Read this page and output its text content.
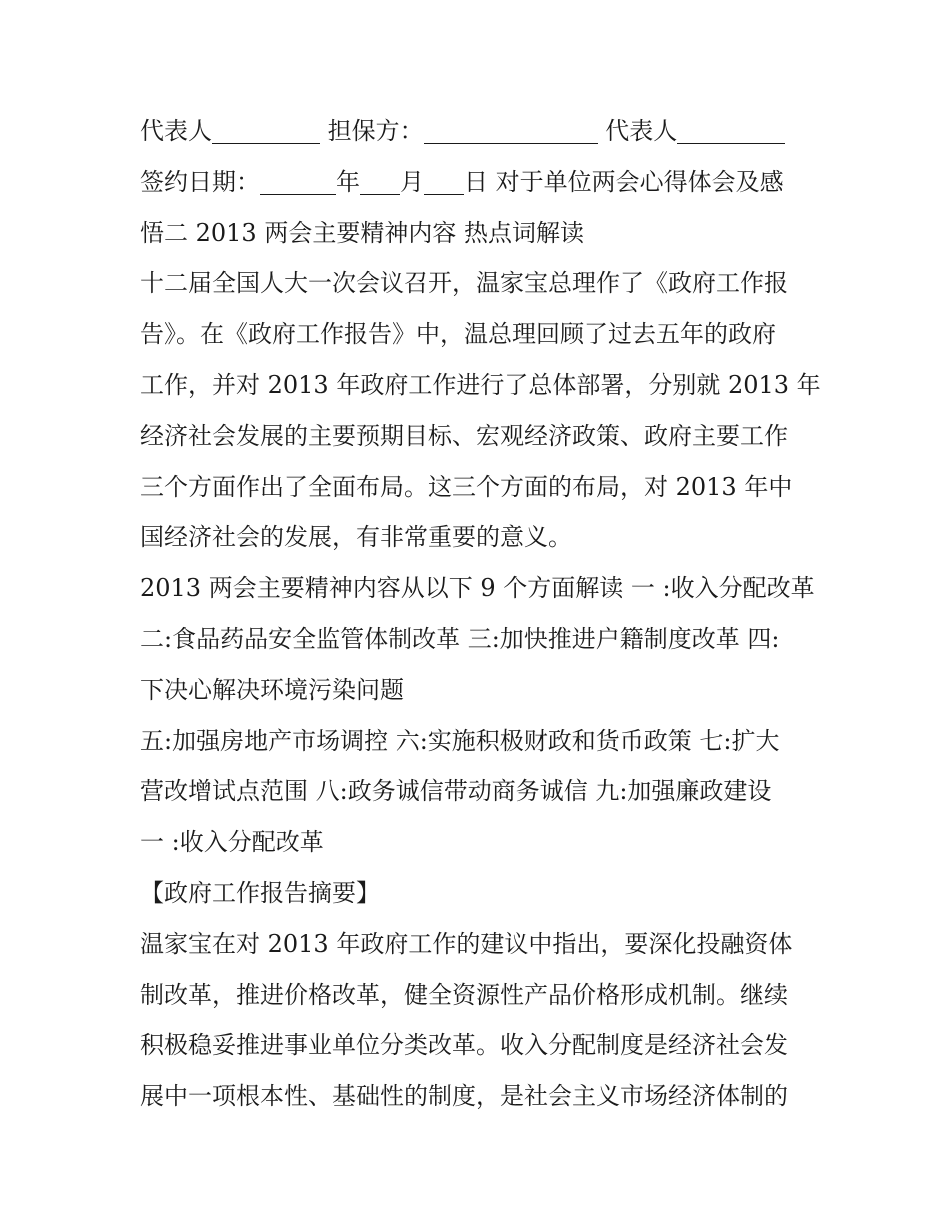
代表人	担保方：	代表人
签约日期：	年 月 日 对于单位两会心得体会及感
悟二 2013 两会主要精神内容 热点词解读
十二届全国人大一次会议召开，温家宝总理作了《政府工作报
告》。在《政府工作报告》中，温总理回顾了过去五年的政府
工作，并对 2013 年政府工作进行了总体部署，分别就 2013 年
经济社会发展的主要预期目标、宏观经济政策、政府主要工作
三个方面作出了全面布局。这三个方面的布局，对 2013 年中
国经济社会的发展，有非常重要的意义。
2013 两会主要精神内容从以下 9 个方面解读 一 :收入分配改革
二:食品药品安全监管体制改革 三:加快推进户籍制度改革 四:
下决心解决环境污染问题
五:加强房地产市场调控 六:实施积极财政和货币政策 七:扩大
营改增试点范围 八:政务诚信带动商务诚信 九:加强廉政建设
一 :收入分配改革
【政府工作报告摘要】
温家宝在对 2013 年政府工作的建议中指出，要深化投融资体
制改革，推进价格改革，健全资源性产品价格形成机制。继续
积极稳妥推进事业单位分类改革。收入分配制度是经济社会发
展中一项根本性、基础性的制度，是社会主义市场经济体制的
